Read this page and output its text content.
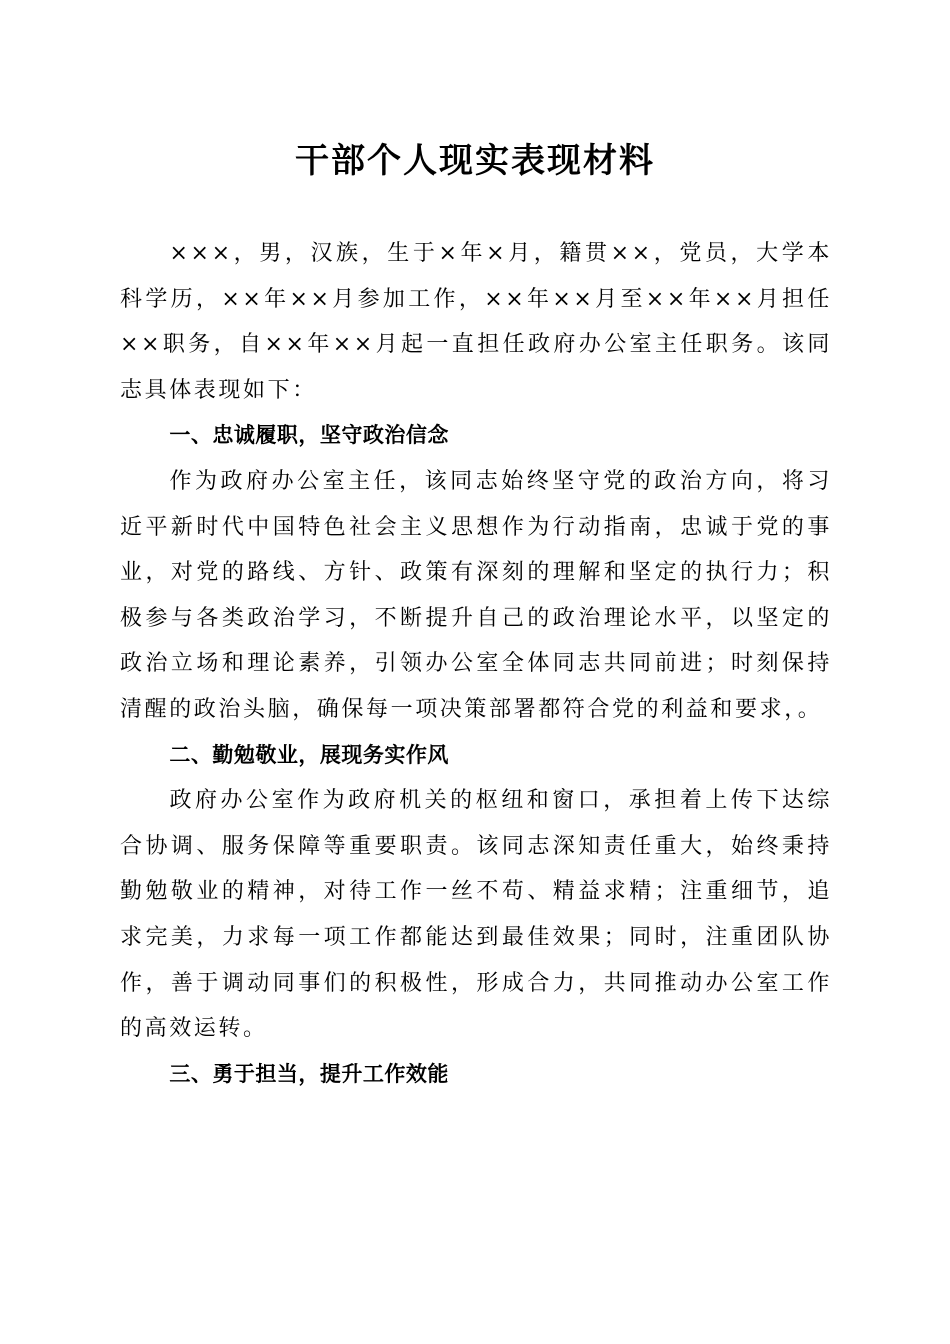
干部个人现实表现材料

×××，男，汉族，生于×年×月，籍贯××，党员，大学本科学历，××年××月参加工作，××年××月至××年××月担任××职务，自××年××月起一直担任政府办公室主任职务。该同志具体表现如下：

一、忠诚履职，坚守政治信念

作为政府办公室主任，该同志始终坚守党的政治方向，将习近平新时代中国特色社会主义思想作为行动指南，忠诚于党的事业，对党的路线、方针、政策有深刻的理解和坚定的执行力；积极参与各类政治学习，不断提升自己的政治理论水平，以坚定的政治立场和理论素养，引领办公室全体同志共同前进；时刻保持清醒的政治头脑，确保每一项决策部署都符合党的利益和要求，。

二、勤勉敬业，展现务实作风

政府办公室作为政府机关的枢纽和窗口，承担着上传下达综合协调、服务保障等重要职责。该同志深知责任重大，始终秉持勤勉敬业的精神，对待工作一丝不苟、精益求精；注重细节，追求完美，力求每一项工作都能达到最佳效果；同时，注重团队协作，善于调动同事们的积极性，形成合力，共同推动办公室工作的高效运转。

三、勇于担当，提升工作效能
